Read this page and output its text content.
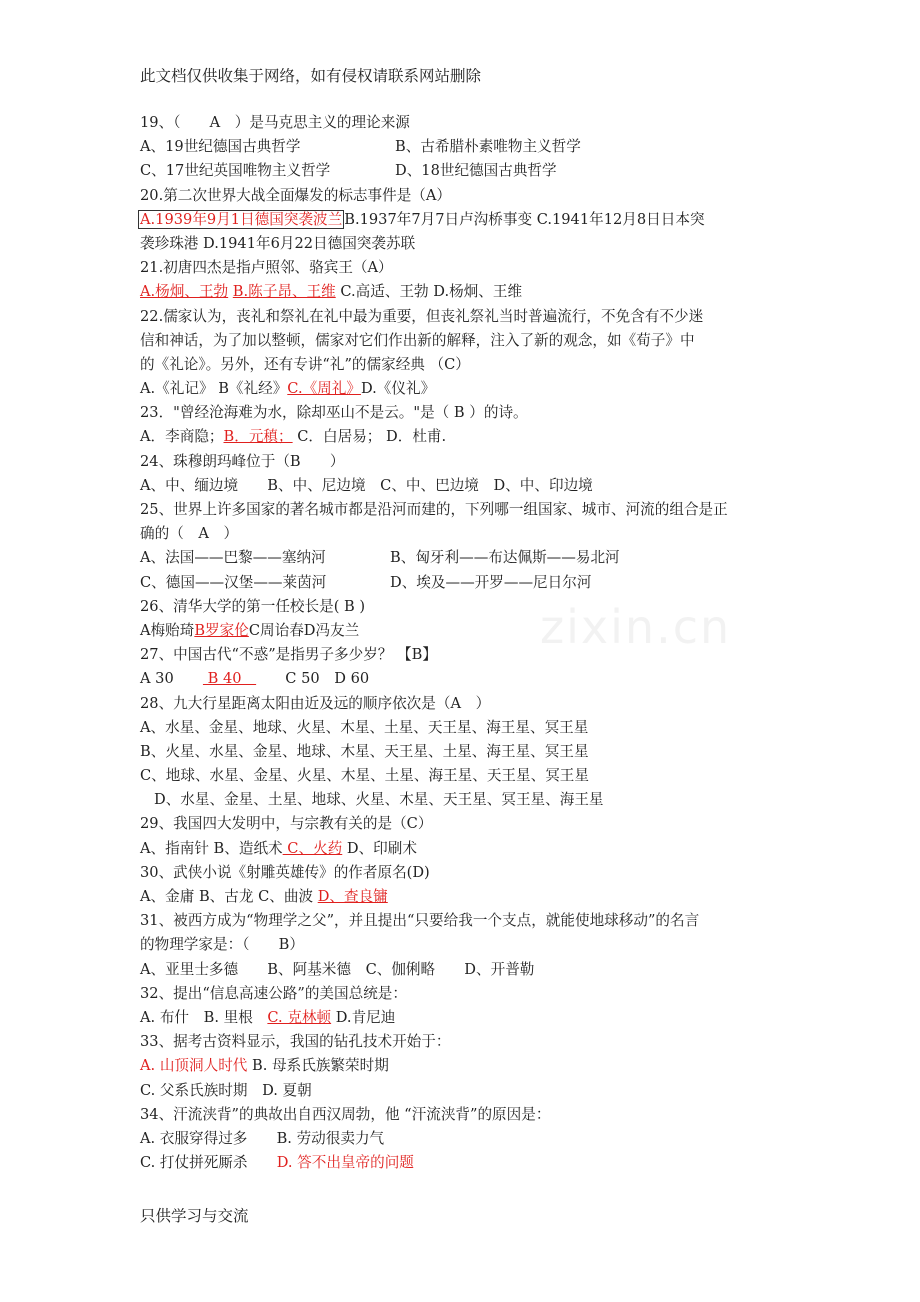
此文档仅供收集于网络，如有侵权请联系网站删除
zixin.cn
19、（　　A　）是马克思主义的理论来源
A、19世纪德国古典哲学	B、古希腊朴素唯物主义哲学
C、17世纪英国唯物主义哲学	D、18世纪德国古典哲学
20.第二次世界大战全面爆发的标志事件是（A）
A.1939年9月1日德国突袭波兰 B.1937年7月7日卢沟桥事变 C.1941年12月8日日本突
袭珍珠港 D.1941年6月22日德国突袭苏联
21.初唐四杰是指卢照邻、骆宾王（A）
A.杨炯、王勃 B.陈子昂、王维 C.高适、王勃 D.杨炯、王维
22.儒家认为，丧礼和祭礼在礼中最为重要，但丧礼祭礼当时普遍流行，不免含有不少迷
信和神话，为了加以整顿，儒家对它们作出新的解释，注入了新的观念，如《荀子》中
的《礼论》。另外，还有专讲“礼”的儒家经典 （C）
A.《礼记》 B《礼经》C.《周礼》D.《仪礼》
23．"曾经沧海难为水，除却巫山不是云。"是（ B ）的诗。
A．李商隐；B．元稹； C．白居易； D．杜甫.
24、珠穆朗玛峰位于（B　　）
A、中、缅边境　　B、中、尼边境　C、中、巴边境　D、中、印边境
25、世界上许多国家的著名城市都是沿河而建的，下列哪一组国家、城市、河流的组合是正
确的（　A　）
A、法国——巴黎——塞纳河	B、匈牙利——布达佩斯——易北河
C、德国——汉堡——莱茵河	D、埃及——开罗——尼日尔河
26、清华大学的第一任校长是( B )
A梅贻琦B罗家伦C周诒春D冯友兰
27、中国古代“不惑”是指男子多少岁？ 【B】
A 30　　 B 40　　　C 50　D 60
28、九大行星距离太阳由近及远的顺序依次是（A　）
A、水星、金星、地球、火星、木星、土星、天王星、海王星、冥王星
B、火星、水星、金星、地球、木星、天王星、土星、海王星、冥王星
C、地球、水星、金星、火星、木星、土星、海王星、天王星、冥王星
D、水星、金星、土星、地球、火星、木星、天王星、冥王星、海王星
29、我国四大发明中，与宗教有关的是（C）
A、指南针 B、造纸术 C、火药 D、印刷术
30、武侠小说《射雕英雄传》的作者原名(D)
A、金庸 B、古龙 C、曲波 D、查良镛
31、被西方成为“物理学之父”，并且提出“只要给我一个支点，就能使地球移动”的名言
的物理学家是：（　　B）
A、亚里士多德　　B、阿基米德　C、伽俐略　　D、开普勒
32、提出“信息高速公路”的美国总统是：
A. 布什　B. 里根　C. 克林顿 D.肯尼迪
33、据考古资料显示，我国的钻孔技术开始于：
A. 山顶洞人时代 B. 母系氏族繁荣时期
C. 父系氏族时期　D. 夏朝
34、汗流浃背”的典故出自西汉周勃，他 “汗流浃背”的原因是：
A. 衣服穿得过多　　B. 劳动很卖力气
C. 打仗拼死厮杀　　D. 答不出皇帝的问题
只供学习与交流
